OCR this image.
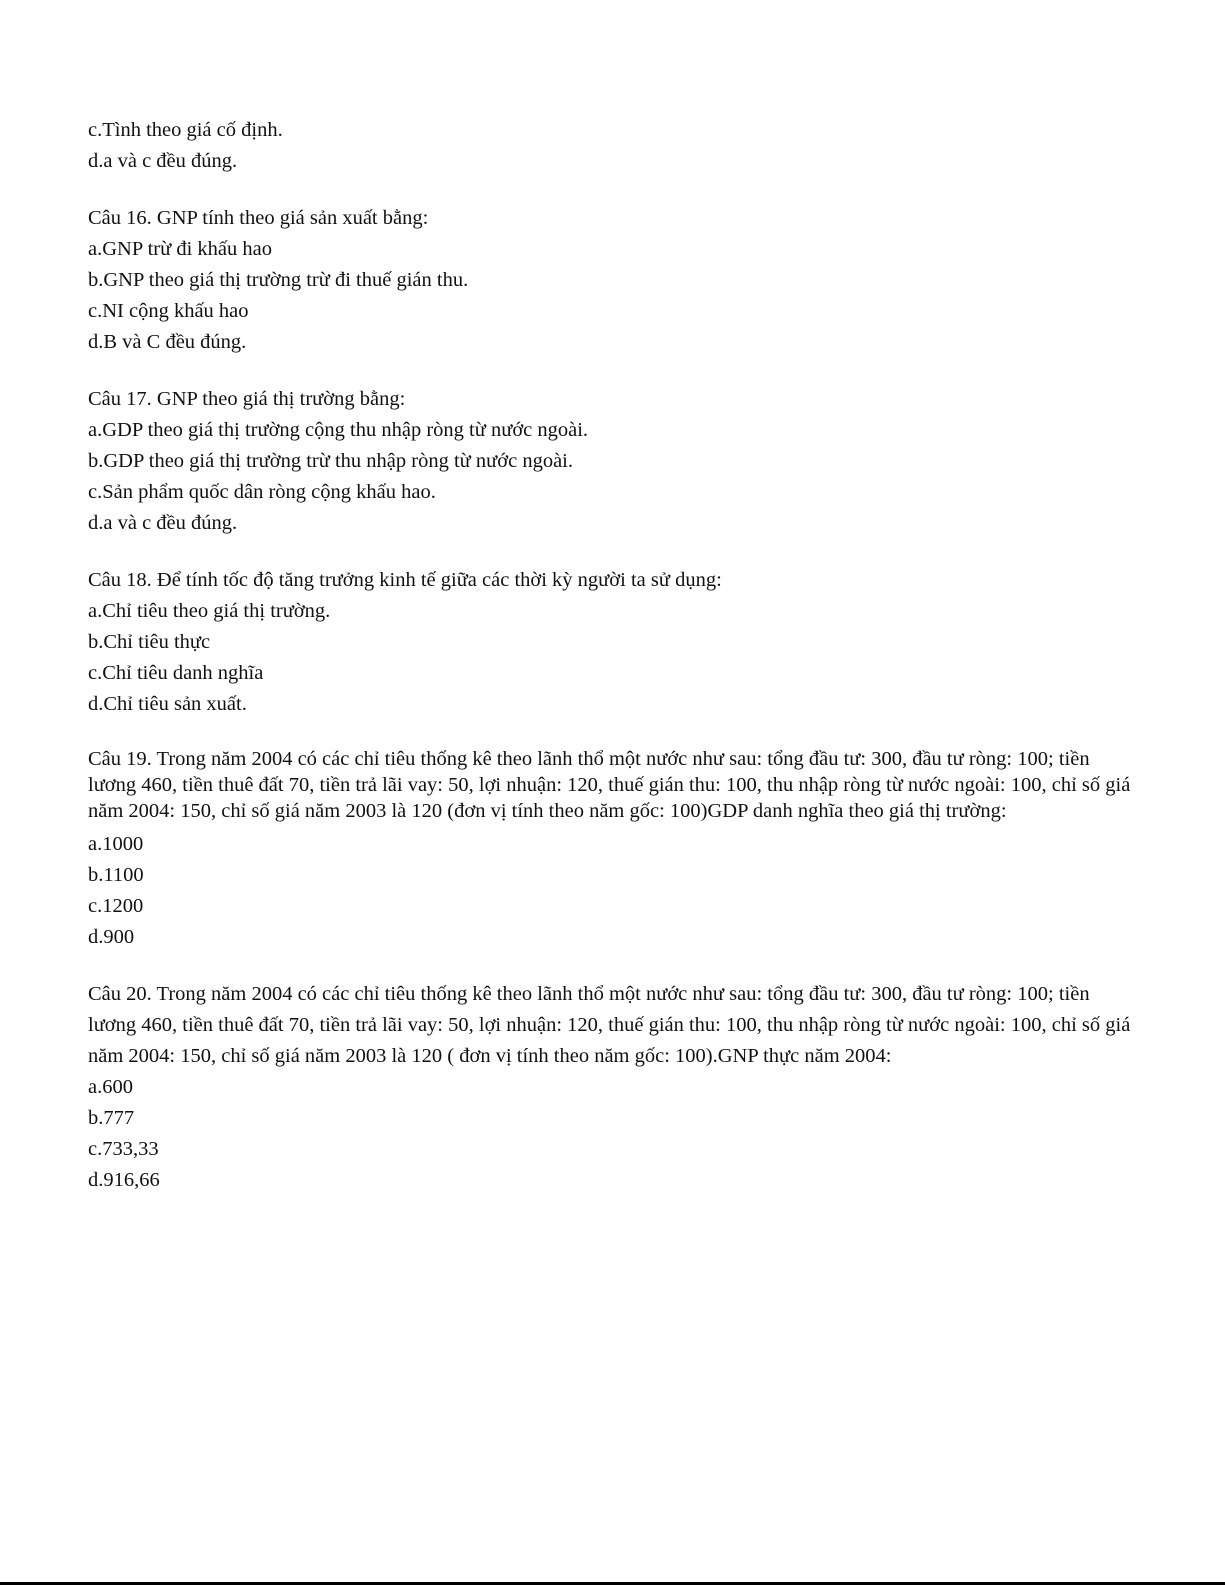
c.Tình theo giá cố định.

d.a và c đều đúng.

Câu 16. GNP tính theo giá sản xuất bằng:

a.GNP trừ đi khấu hao

b.GNP theo giá thị trường trừ đi thuế gián thu.

c.NI cộng khấu hao

d.B và C đều đúng.

Câu 17. GNP theo giá thị trường bằng:

a.GDP theo giá thị trường cộng thu nhập ròng từ nước ngoài.

b.GDP theo giá thị trường trừ thu nhập ròng từ nước ngoài.

c.Sản phẩm quốc dân ròng cộng khấu hao.

d.a và c đều đúng.

Câu 18. Để tính tốc độ tăng trưởng kinh tế giữa các thời kỳ người ta sử dụng:

a.Chỉ tiêu theo giá thị trường.

b.Chỉ tiêu thực

c.Chỉ tiêu danh nghĩa

d.Chỉ tiêu sản xuất.

Câu 19. Trong năm 2004 có các chỉ tiêu thống kê theo lãnh thổ một nước như sau: tổng đầu tư: 300, đầu tư ròng: 100; tiền lương 460, tiền thuê đất 70, tiền trả lãi vay: 50, lợi nhuận: 120, thuế gián thu: 100, thu nhập ròng từ nước ngoài: 100, chỉ số giá năm 2004: 150, chỉ số giá năm 2003 là 120 (đơn vị tính theo năm gốc: 100)GDP danh nghĩa theo giá thị trường:

a.1000

b.1100

c.1200

d.900

Câu 20. Trong năm 2004 có các chỉ tiêu thống kê theo lãnh thổ một nước như sau: tổng đầu tư: 300, đầu tư ròng: 100; tiền lương 460, tiền thuê đất 70, tiền trả lãi vay: 50, lợi nhuận: 120, thuế gián thu: 100, thu nhập ròng từ nước ngoài: 100, chỉ số giá năm 2004: 150, chỉ số giá năm 2003 là 120 ( đơn vị tính theo năm gốc: 100).GNP thực năm 2004:

a.600

b.777

c.733,33

d.916,66
